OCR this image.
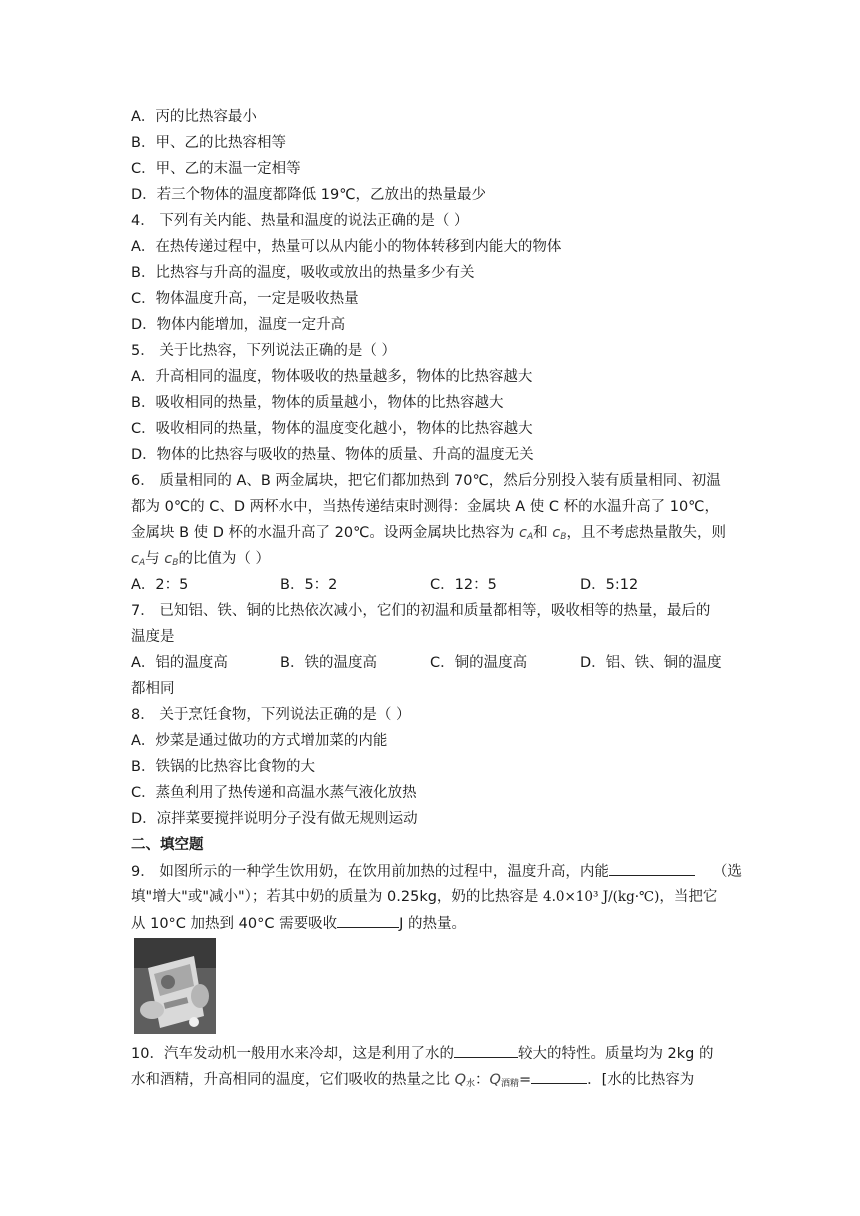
A．丙的比热容最小
B．甲、乙的比热容相等
C．甲、乙的末温一定相等
D．若三个物体的温度都降低 19℃，乙放出的热量最少
4． 下列有关内能、热量和温度的说法正确的是（ ）
A．在热传递过程中，热量可以从内能小的物体转移到内能大的物体
B．比热容与升高的温度，吸收或放出的热量多少有关
C．物体温度升高，一定是吸收热量
D．物体内能增加，温度一定升高
5． 关于比热容，下列说法正确的是（ ）
A．升高相同的温度，物体吸收的热量越多，物体的比热容越大
B．吸收相同的热量，物体的质量越小，物体的比热容越大
C．吸收相同的热量，物体的温度变化越小，物体的比热容越大
D．物体的比热容与吸收的热量、物体的质量、升高的温度无关
6． 质量相同的 A、B 两金属块，把它们都加热到 70℃，然后分别投入装有质量相同、初温
都为 0℃的 C、D 两杯水中，当热传递结束时测得：金属块 A 使 C 杯的水温升高了 10℃，
金属块 B 使 D 杯的水温升高了 20℃。设两金属块比热容为 $c_A$和 $c_B$，且不考虑热量散失，则
$c_A$与 $c_B$的比值为（ ）
A．2：5	B．5：2	C．12：5	D．5:12
7． 已知铝、铁、铜的比热依次减小，它们的初温和质量都相等，吸收相等的热量，最后的
温度是
A．铝的温度高	B．铁的温度高	C．铜的温度高	D．铝、铁、铜的温度
都相同
8． 关于烹饪食物，下列说法正确的是（ ）
A．炒菜是通过做功的方式增加菜的内能
B．铁锅的比热容比食物的大
C．蒸鱼利用了热传递和高温水蒸气液化放热
D．凉拌菜要搅拌说明分子没有做无规则运动
二、填空题
9． 如图所示的一种学生饮用奶，在饮用前加热的过程中，温度升高，内能	（选
填"增大"或"减小"）；若其中奶的质量为 0.25kg，奶的比热容是 4.0×10³ J/(kg·℃)，当把它
从 10°C 加热到 40°C 需要吸收	J 的热量。
10．汽车发动机一般用水来冷却，这是利用了水的	较大的特性。质量均为 2kg 的
水和酒精，升高相同的温度，它们吸收的热量之比 $Q_水$：$Q_{酒精}=$	．[水的比热容为
